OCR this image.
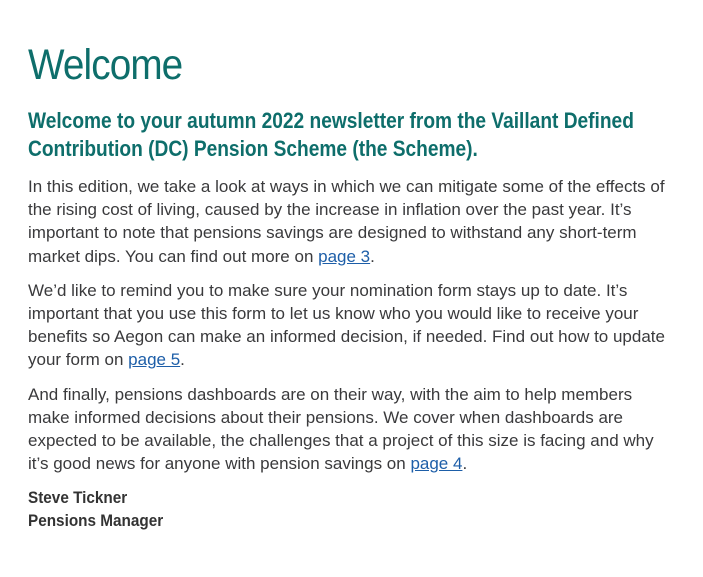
Welcome
Welcome to your autumn 2022 newsletter from the Vaillant Defined Contribution (DC) Pension Scheme (the Scheme).

In this edition, we take a look at ways in which we can mitigate some of the effects of the rising cost of living, caused by the increase in inflation over the past year. It’s important to note that pensions savings are designed to withstand any short-term market dips. You can find out more on page 3.

We’d like to remind you to make sure your nomination form stays up to date. It’s important that you use this form to let us know who you would like to receive your benefits so Aegon can make an informed decision, if needed. Find out how to update your form on page 5.

And finally, pensions dashboards are on their way, with the aim to help members make informed decisions about their pensions. We cover when dashboards are expected to be available, the challenges that a project of this size is facing and why it’s good news for anyone with pension savings on page 4.

Steve Tickner
Pensions Manager
